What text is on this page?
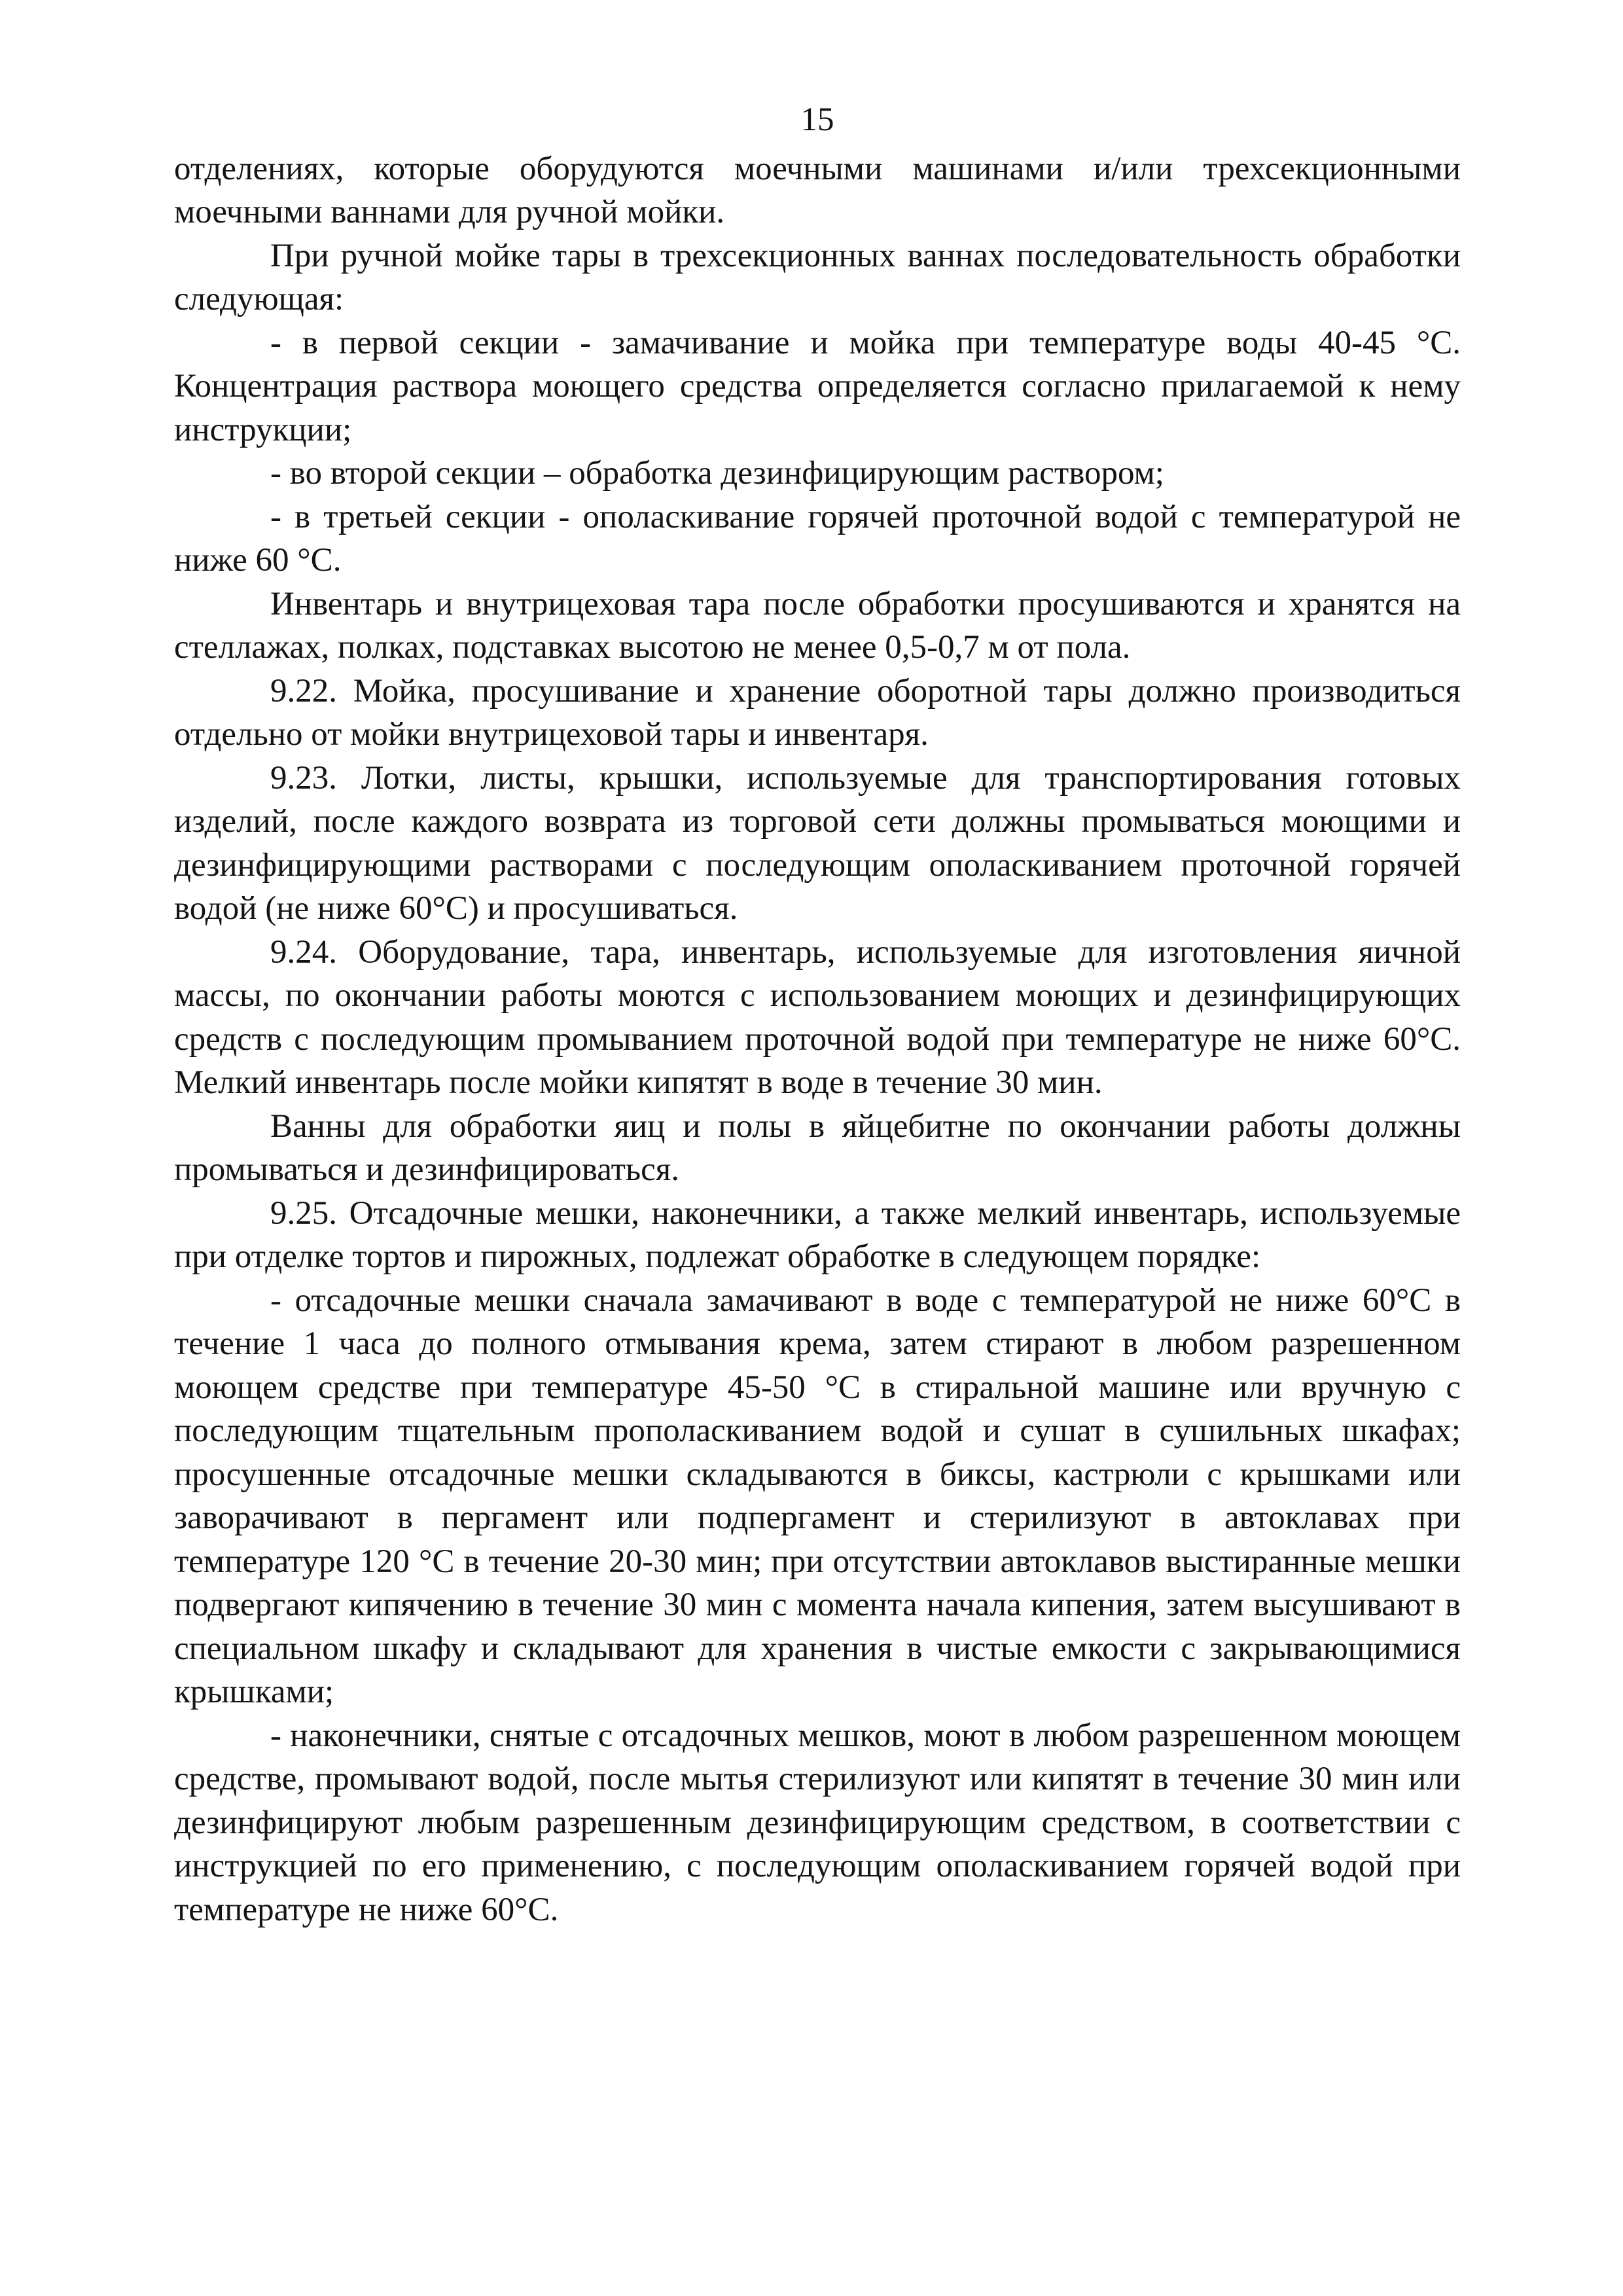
15

отделениях, которые оборудуются моечными машинами и/или трехсекционными моечными ваннами для ручной мойки.

При ручной мойке тары в трехсекционных ваннах последовательность обработки следующая:

- в первой секции - замачивание и мойка при температуре воды 40-45 °С. Концентрация раствора моющего средства определяется согласно прилагаемой к нему инструкции;

- во второй секции – обработка дезинфицирующим раствором;

- в третьей секции - ополаскивание горячей проточной водой с температурой не ниже 60 °С.

Инвентарь и внутрицеховая тара после обработки просушиваются и хранятся на стеллажах, полках, подставках высотою не менее 0,5-0,7 м от пола.

9.22. Мойка, просушивание и хранение оборотной тары должно производиться отдельно от мойки внутрицеховой тары и инвентаря.

9.23. Лотки, листы, крышки, используемые для транспортирования готовых изделий, после каждого возврата из торговой сети должны промываться моющими и дезинфицирующими растворами с последующим ополаскиванием проточной горячей водой (не ниже 60°С) и просушиваться.

9.24. Оборудование, тара, инвентарь, используемые для изготовления яичной массы, по окончании работы моются с использованием моющих и дезинфицирующих средств с последующим промыванием проточной водой при температуре не ниже 60°С. Мелкий инвентарь после мойки кипятят в воде в течение 30 мин.

Ванны для обработки яиц и полы в яйцебитне по окончании работы должны промываться и дезинфицироваться.

9.25. Отсадочные мешки, наконечники, а также мелкий инвентарь, используемые при отделке тортов и пирожных, подлежат обработке в следующем порядке:

- отсадочные мешки сначала замачивают в воде с температурой не ниже 60°С в течение 1 часа до полного отмывания крема, затем стирают в любом разрешенном моющем средстве при температуре 45-50 °С в стиральной машине или вручную с последующим тщательным прополаскиванием водой и сушат в сушильных шкафах; просушенные отсадочные мешки складываются в биксы, кастрюли с крышками или заворачивают в пергамент или подпергамент и стерилизуют в автоклавах при температуре 120 °С в течение 20-30 мин; при отсутствии автоклавов выстиранные мешки подвергают кипячению в течение 30 мин с момента начала кипения, затем высушивают в специальном шкафу и складывают для хранения в чистые емкости с закрывающимися крышками;

- наконечники, снятые с отсадочных мешков, моют в любом разрешенном моющем средстве, промывают водой, после мытья стерилизуют или кипятят в течение 30 мин или дезинфицируют любым разрешенным дезинфицирующим средством, в соответствии с инструкцией по его применению, с последующим ополаскиванием горячей водой при температуре не ниже 60°С.
